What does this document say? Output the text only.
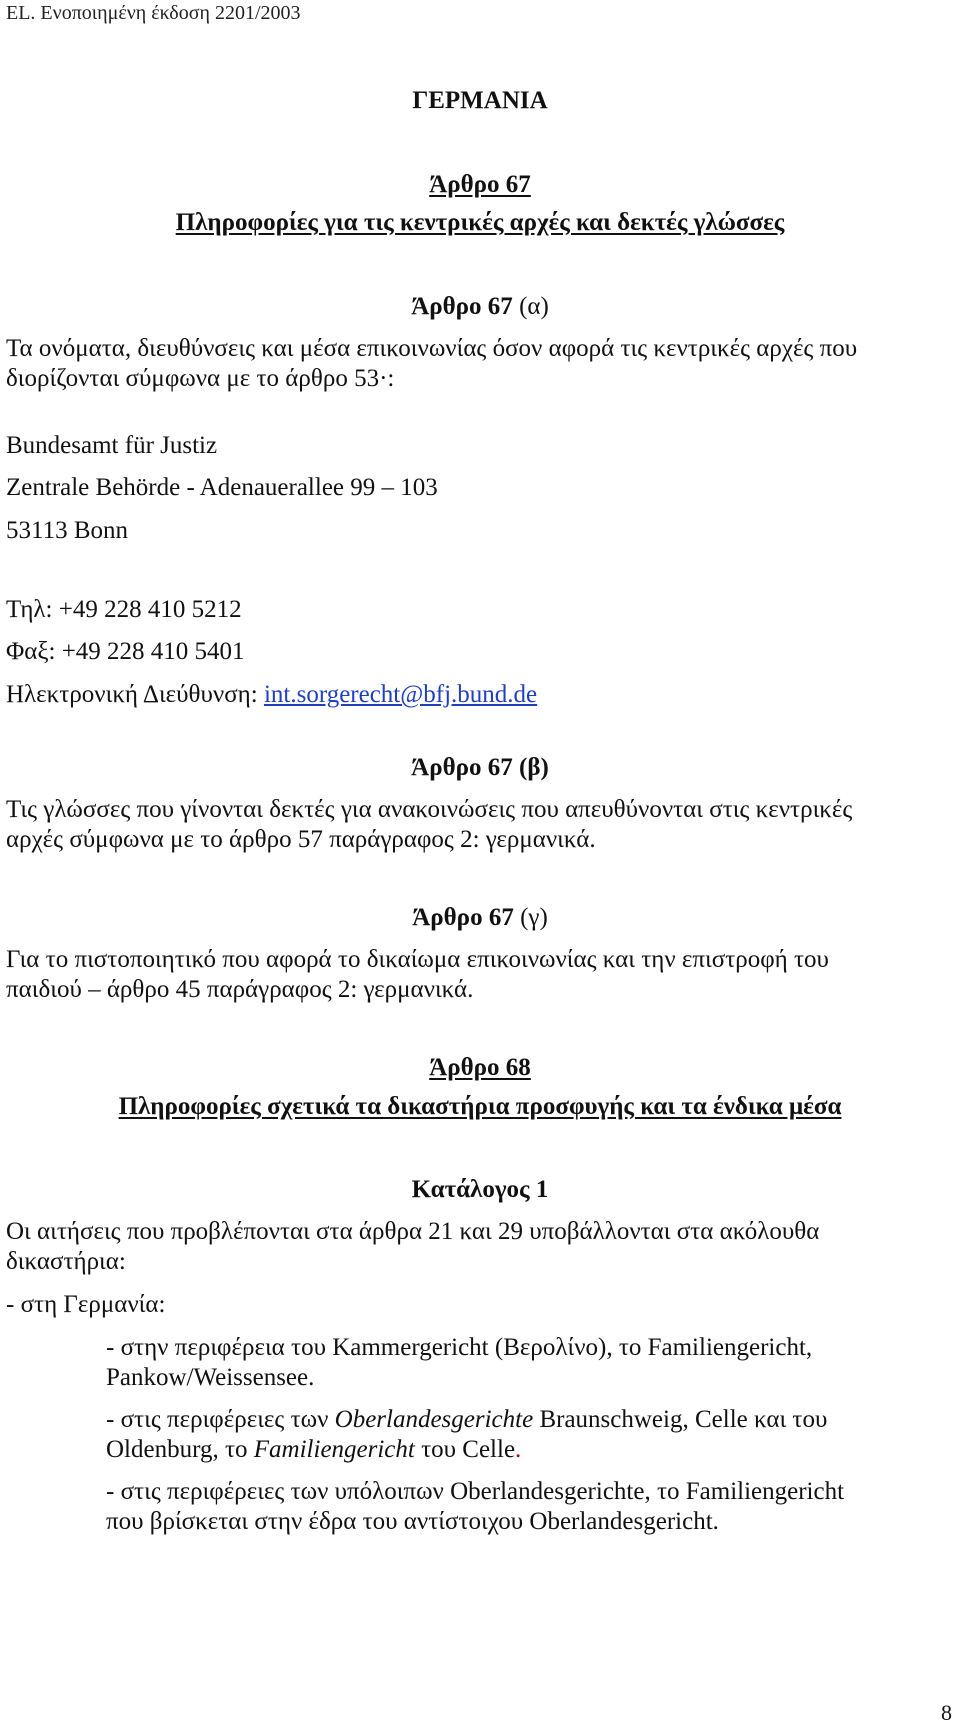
EL. Ενοποιημένη έκδοση 2201/2003
ΓΕΡΜΑΝΙΑ
Άρθρο 67
Πληροφορίες για τις κεντρικές αρχές και δεκτές γλώσσες
Άρθρο 67 (α)
Τα ονόματα, διευθύνσεις και μέσα επικοινωνίας όσον αφορά τις κεντρικές αρχές που
διορίζονται σύμφωνα με το άρθρο 53·:
Bundesamt für Justiz
Zentrale Behörde - Adenauerallee 99 – 103
53113 Bonn
Τηλ: +49 228 410 5212
Φαξ: +49 228 410 5401
Ηλεκτρονική Διεύθυνση: int.sorgerecht@bfj.bund.de
Άρθρο 67 (β)
Τις γλώσσες που γίνονται δεκτές για ανακοινώσεις που απευθύνονται στις κεντρικές
αρχές σύμφωνα με το άρθρο 57 παράγραφος 2: γερμανικά.
Άρθρο 67 (γ)
Για το πιστοποιητικό που αφορά το δικαίωμα επικοινωνίας και την επιστροφή του
παιδιού – άρθρο 45 παράγραφος 2: γερμανικά.
Άρθρο 68
Πληροφορίες σχετικά τα δικαστήρια προσφυγής και τα ένδικα μέσα
Κατάλογος 1
Οι αιτήσεις που προβλέπονται στα άρθρα 21 και 29 υποβάλλονται στα ακόλουθα
δικαστήρια:
- στη Γερμανία:
- στην περιφέρεια του Kammergericht (Βερολίνο), το Familiengericht,
Pankow/Weissensee.
- στις περιφέρειες των Oberlandesgerichte Braunschweig, Celle και του
Oldenburg, το Familiengericht του Celle.
- στις περιφέρειες των υπόλοιπων Oberlandesgerichte, το Familiengericht
που βρίσκεται στην έδρα του αντίστοιχου Oberlandesgericht.
8
